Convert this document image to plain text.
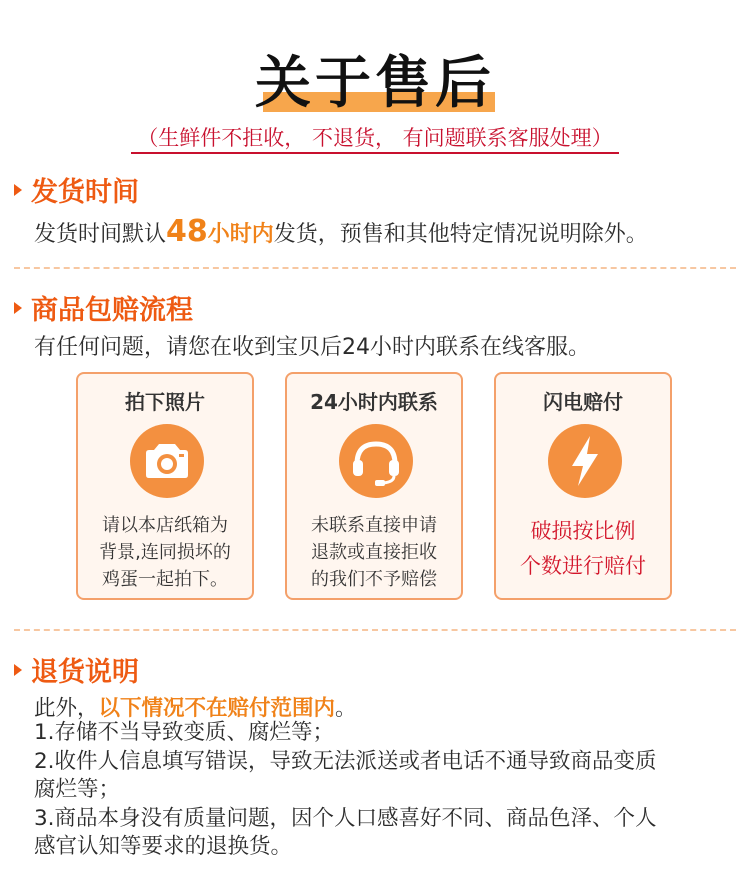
关于售后
（生鲜件不拒收， 不退货， 有问题联系客服处理）
发货时间
发货时间默认48小时内发货，预售和其他特定情况说明除外。
商品包赔流程
有任何问题，请您在收到宝贝后24小时内联系在线客服。
拍下照片
请以本店纸箱为
背景,连同损坏的
鸡蛋一起拍下。
24小时内联系
未联系直接申请
退款或直接拒收
的我们不予赔偿
闪电赔付
破损按比例
个数进行赔付
退货说明
此外，以下情况不在赔付范围内。
1.存储不当导致变质、腐烂等；
2.收件人信息填写错误，导致无法派送或者电话不通导致商品变质
腐烂等；
3.商品本身没有质量问题，因个人口感喜好不同、商品色泽、个人
感官认知等要求的退换货。
